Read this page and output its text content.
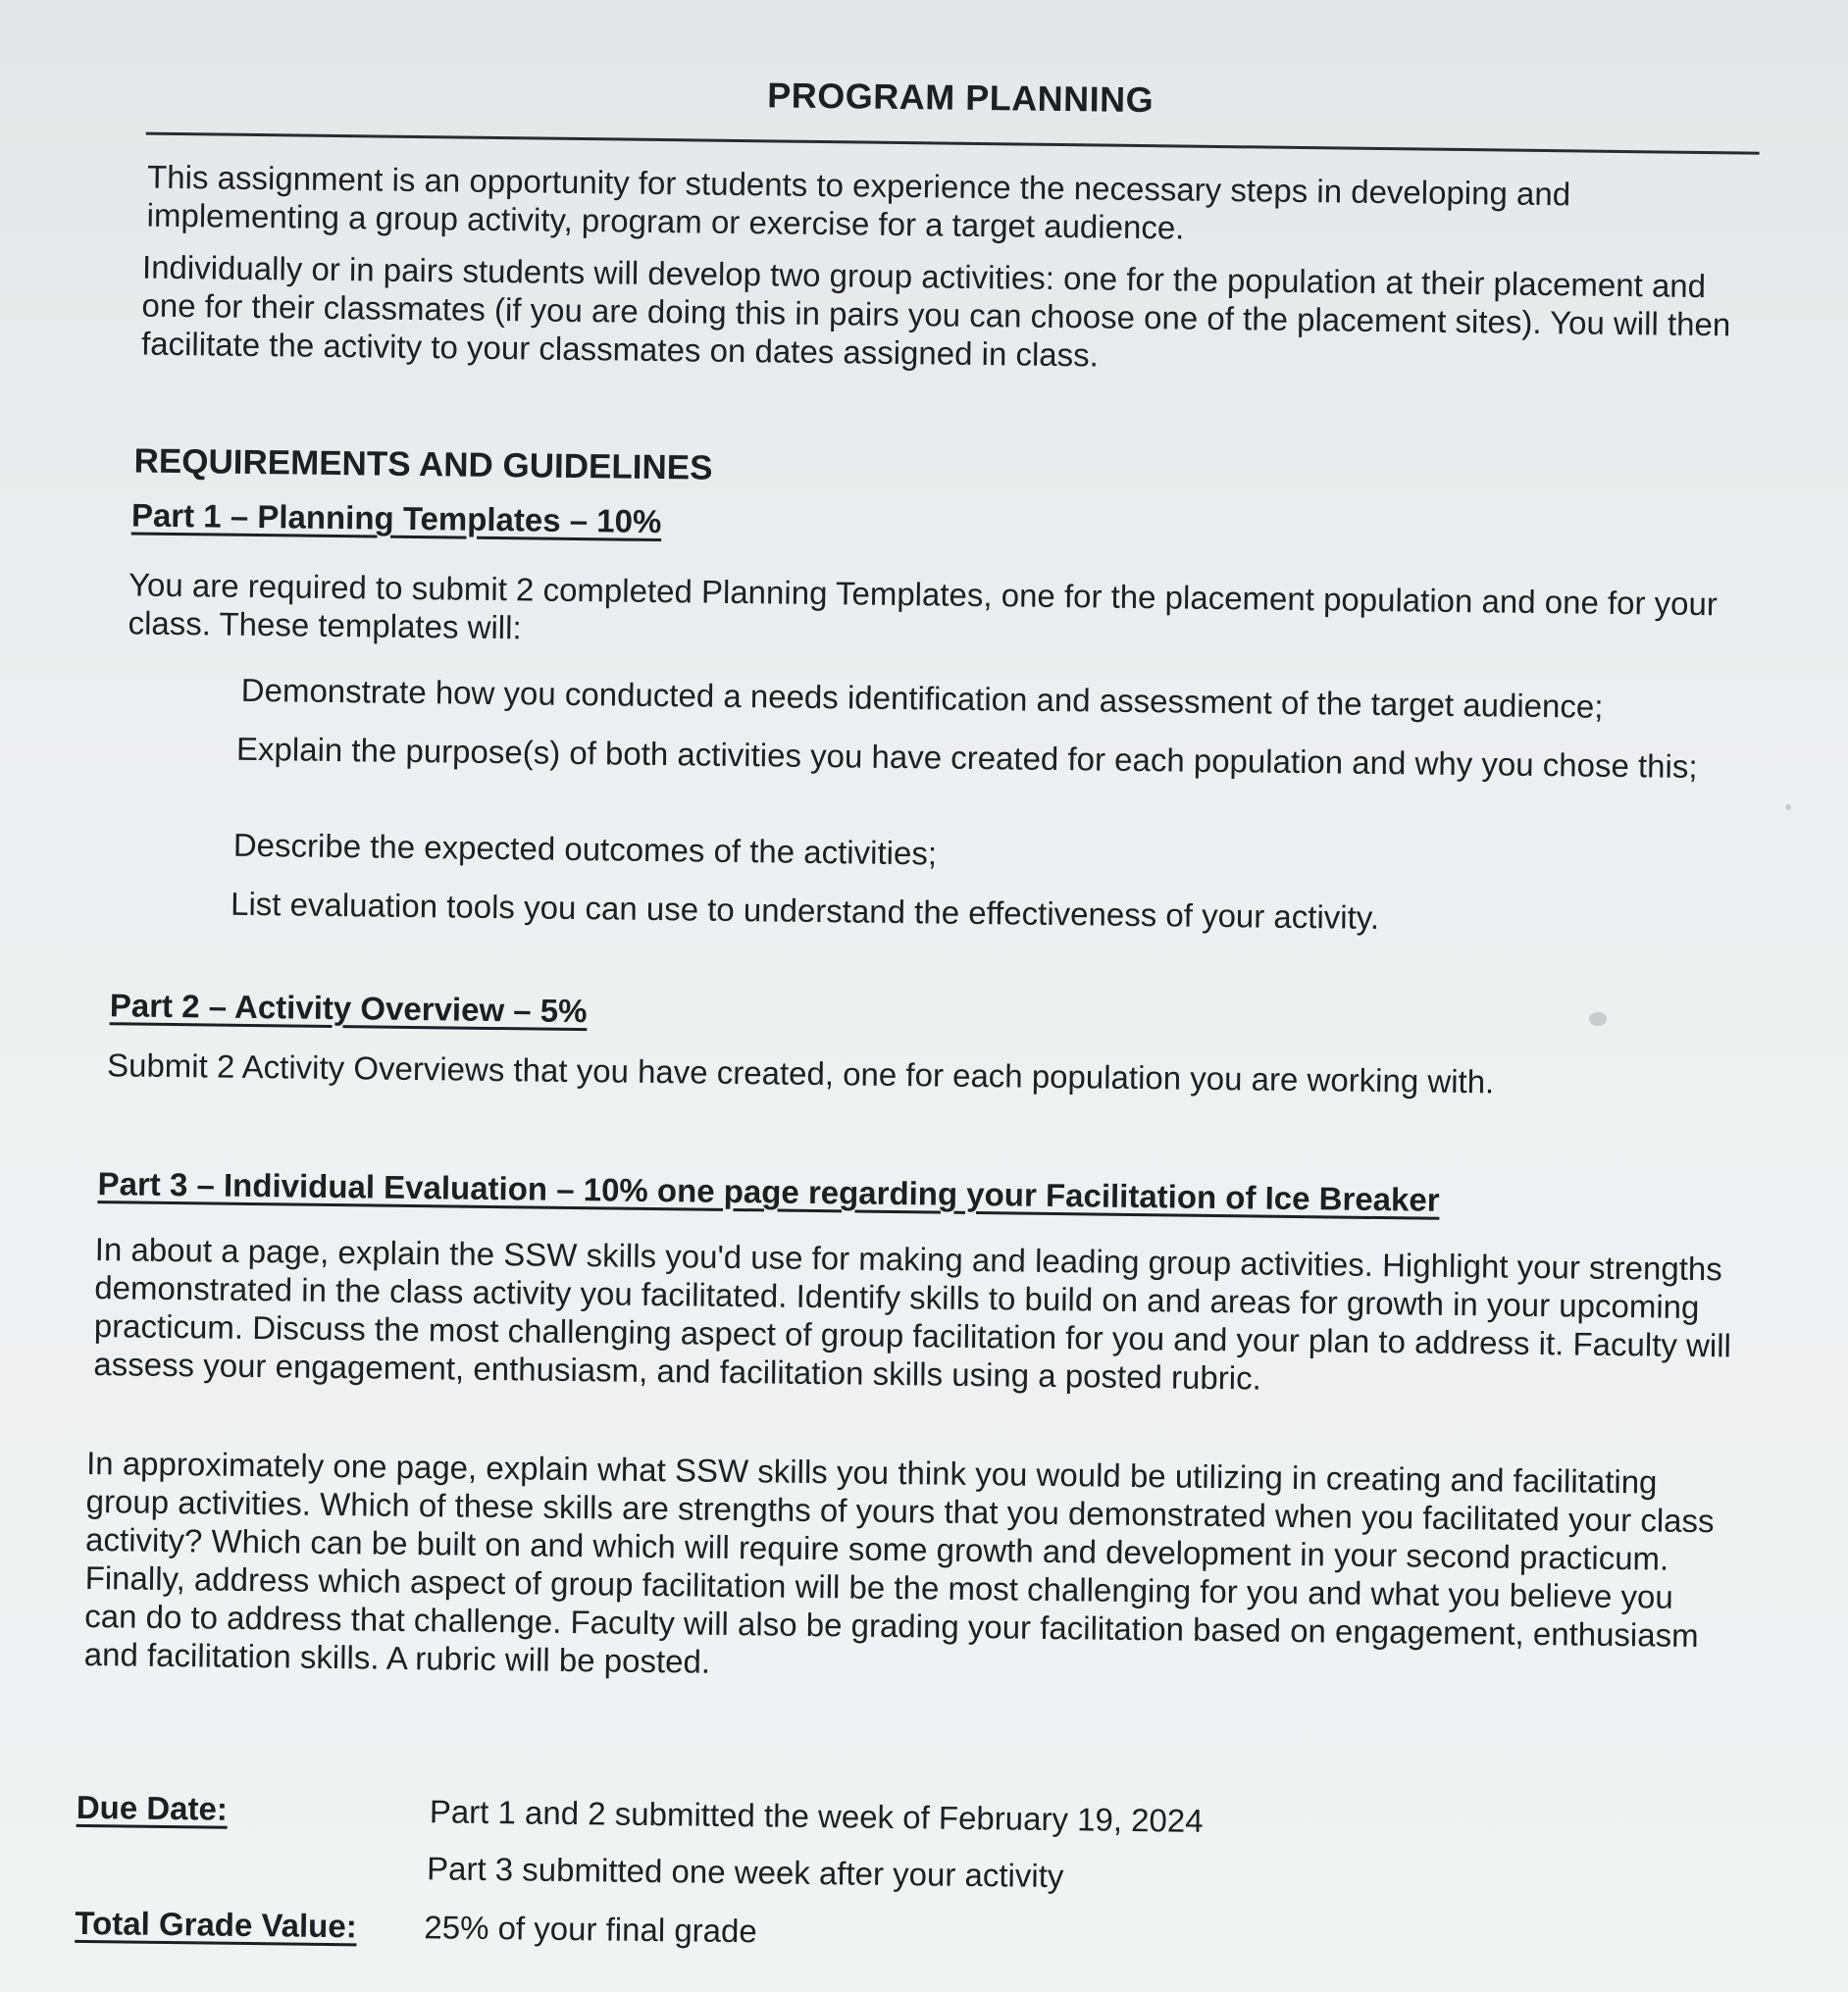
PROGRAM PLANNING

This assignment is an opportunity for students to experience the necessary steps in developing and implementing a group activity, program or exercise for a target audience.

Individually or in pairs students will develop two group activities: one for the population at their placement and one for their classmates (if you are doing this in pairs you can choose one of the placement sites). You will then facilitate the activity to your classmates on dates assigned in class.

REQUIREMENTS AND GUIDELINES
Part 1 – Planning Templates – 10%

You are required to submit 2 completed Planning Templates, one for the placement population and one for your class. These templates will:

Demonstrate how you conducted a needs identification and assessment of the target audience;

Explain the purpose(s) of both activities you have created for each population and why you chose this;

Describe the expected outcomes of the activities;

List evaluation tools you can use to understand the effectiveness of your activity.

Part 2 – Activity Overview – 5%

Submit 2 Activity Overviews that you have created, one for each population you are working with.

Part 3 – Individual Evaluation – 10% one page regarding your Facilitation of Ice Breaker

In about a page, explain the SSW skills you'd use for making and leading group activities. Highlight your strengths demonstrated in the class activity you facilitated. Identify skills to build on and areas for growth in your upcoming practicum. Discuss the most challenging aspect of group facilitation for you and your plan to address it. Faculty will assess your engagement, enthusiasm, and facilitation skills using a posted rubric.

In approximately one page, explain what SSW skills you think you would be utilizing in creating and facilitating group activities. Which of these skills are strengths of yours that you demonstrated when you facilitated your class activity? Which can be built on and which will require some growth and development in your second practicum. Finally, address which aspect of group facilitation will be the most challenging for you and what you believe you can do to address that challenge. Faculty will also be grading your facilitation based on engagement, enthusiasm and facilitation skills. A rubric will be posted.

Due Date:	Part 1 and 2 submitted the week of February 19, 2024
Part 3 submitted one week after your activity
Total Grade Value: 25% of your final grade
